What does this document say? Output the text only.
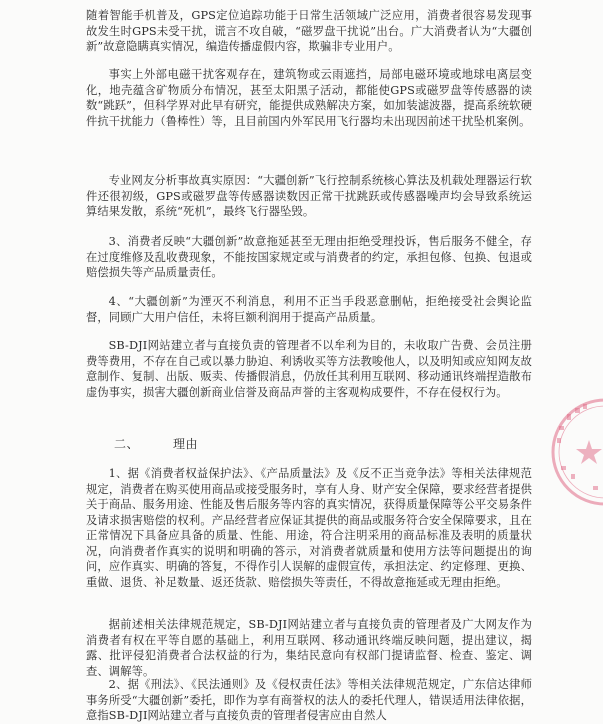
随着智能手机普及，GPS定位追踪功能于日常生活领域广泛应用，消费者很容易发现事故发生时GPS未受干扰，谎言不攻自破，“磁罗盘干扰说”出台。广大消费者认为“大疆创新”故意隐瞒真实情况，编造传播虚假内容，欺骗非专业用户。

事实上外部电磁干扰客观存在，建筑物或云雨遮挡，局部电磁环境或地球电离层变化，地壳蕴含矿物质分布情况，甚至太阳黑子活动，都能使GPS或磁罗盘等传感器的读数“跳跃”，但科学界对此早有研究，能提供成熟解决方案，如加装滤波器，提高系统软硬件抗干扰能力（鲁棒性）等，且目前国内外军民用飞行器均未出现因前述干扰坠机案例。

专业网友分析事故真实原因：“大疆创新”飞行控制系统核心算法及机载处理器运行软件还很初级，GPS或磁罗盘等传感器读数因正常干扰跳跃或传感器噪声均会导致系统运算结果发散，系统“死机”，最终飞行器坠毁。

3、消费者反映“大疆创新”故意拖延甚至无理由拒绝受理投诉，售后服务不健全，存在过度维修及乱收费现象，不能按国家规定或与消费者的约定，承担包修、包换、包退或赔偿损失等产品质量责任。

4、“大疆创新”为湮灭不利消息，利用不正当手段恶意删帖，拒绝接受社会舆论监督，同顾广大用户信任，未将巨额利润用于提高产品质量。

SB-DJI网站建立者与直接负责的管理者不以牟利为目的，未收取广告费、会员注册费等费用，不存在自己或以暴力胁迫、利诱收买等方法教唆他人，以及明知或应知网友故意制作、复制、出版、贩卖、传播假消息，仍放任其利用互联网、移动通讯终端捏造散布虚伪事实，损害大疆创新商业信誉及商品声誉的主客观构成要件，不存在侵权行为。

二、	理由

1、据《消费者权益保护法》、《产品质量法》及《反不正当竞争法》等相关法律规范规定，消费者在购买使用商品或接受服务时，享有人身、财产安全保障，要求经营者提供关于商品、服务用途、性能及售后服务等内容的真实情况，获得质量保障等公平交易条件及请求损害赔偿的权利。产品经营者应保证其提供的商品或服务符合安全保障要求，且在正常情况下具备应具备的质量、性能、用途，符合注明采用的商品标准及表明的质量状况，向消费者作真实的说明和明确的答示，对消费者就质量和使用方法等问题提出的询问，应作真实、明确的答复，不得作引人误解的虚假宣传，承担法定、约定修理、更换、重做、退货、补足数量、返还货款、赔偿损失等责任，不得故意拖延或无理由拒绝。

据前述相关法律规范规定，SB-DJI网站建立者与直接负责的管理者及广大网友作为消费者有权在平等自愿的基础上，利用互联网、移动通讯终端反映问题，提出建议，揭露、批评侵犯消费者合法权益的行为，集结民意向有权部门提请监督、检查、鉴定、调查、调解等。

2、据《刑法》、《民法通则》及《侵权责任法》等相关法律规范规定，广东信达律师事务所受“大疆创新”委托，即作为享有商誉权的法人的委托代理人，错误适用法律依据，意指SB-DJI网站建立者与直接负责的管理者侵害应由自然人
